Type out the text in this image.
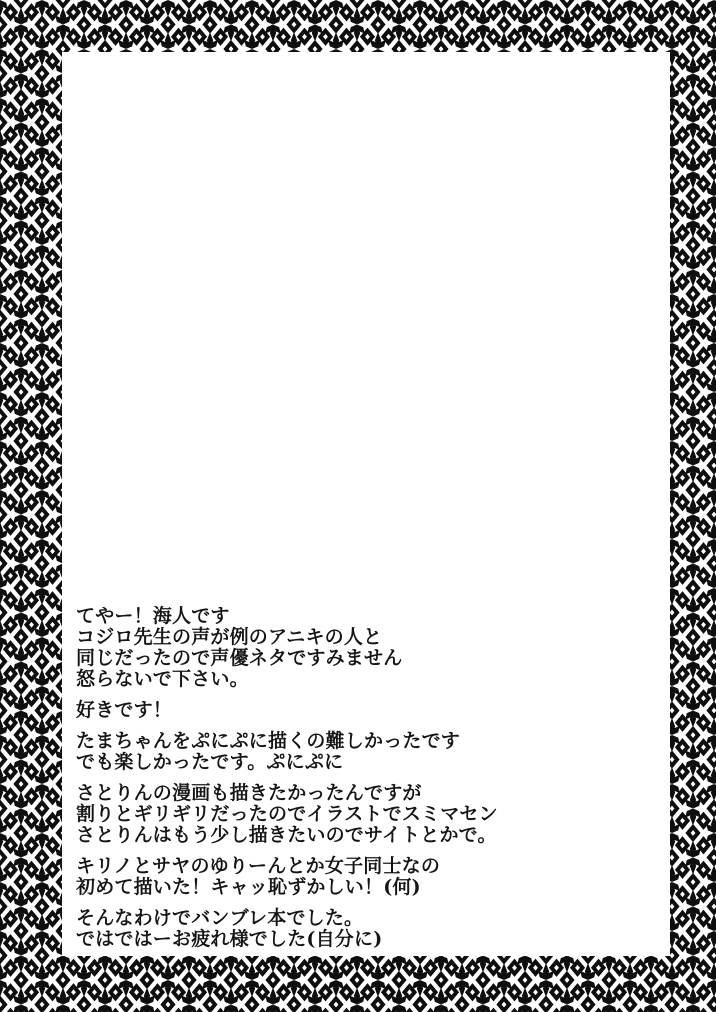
てやー！海人です
コジロ先生の声が例のアニキの人と
同じだったので声優ネタですみません
怒らないで下さい。
好きです！
たまちゃんをぷにぷに描くの難しかったです
でも楽しかったです。ぷにぷに
さとりんの漫画も描きたかったんですが
割りとギリギリだったのでイラストでスミマセン
さとりんはもう少し描きたいのでサイトとかで。
キリノとサヤのゆりーんとか女子同士なの
初めて描いた！キャッ恥ずかしい！(何)
そんなわけでバンブレ本でした。
ではではーお疲れ様でした(自分に)
